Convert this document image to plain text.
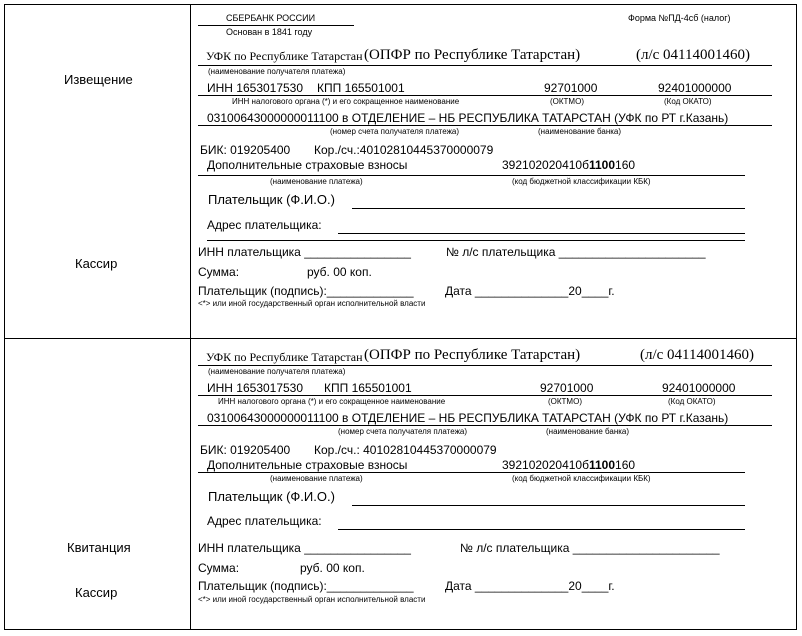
Извещение
Кассир
СБЕРБАНК РОССИИ
Основан в 1841 году
Форма №ПД-4сб (налог)
УФК по Республике Татарстан (ОПФР по Республике Татарстан)	(л/с 04114001460)
(наименование получателя платежа)
ИНН 1653017530 КПП 165501001	92701000	92401000000
ИНН налогового органа (*) и его сокращенное наименование	(ОКТМО)	(Код ОКАТО)
03100643000000011100 в ОТДЕЛЕНИЕ – НБ РЕСПУБЛИКА ТАТАРСТАН (УФК по РТ г.Казань)
(номер счета получателя платежа)	(наименование банка)
БИК: 019205400 Кор./сч.:40102810445370000079
Дополнительные страховые взносы	392102020410б1100160
(наименование платежа)	(код бюджетной классификации КБК)
Плательщик (Ф.И.О.)
Адрес плательщика:
ИНН плательщика ________________	№ л/с плательщика ______________________
Сумма:	руб. 00 коп.
Плательщик (подпись):_____________	Дата ______________20____г.
<*> или иной государственный орган исполнительной власти
Квитанция
Кассир
УФК по Республике Татарстан (ОПФР по Республике Татарстан)	(л/с 04114001460)
(наименование получателя платежа)
ИНН 1653017530 КПП 165501001	92701000	92401000000
ИНН налогового органа (*) и его сокращенное наименование	(ОКТМО)	(Код ОКАТО)
03100643000000011100 в ОТДЕЛЕНИЕ – НБ РЕСПУБЛИКА ТАТАРСТАН (УФК по РТ г.Казань)
(номер счета получателя платежа)	(наименование банка)
БИК: 019205400 Кор./сч.: 40102810445370000079
Дополнительные страховые взносы	392102020410б1100160
(наименование платежа)	(код бюджетной классификации КБК)
Плательщик (Ф.И.О.)
Адрес плательщика:
ИНН плательщика ________________	№ л/с плательщика ______________________
Сумма:	руб. 00 коп.
Плательщик (подпись):_____________	Дата ______________20____г.
<*> или иной государственный орган исполнительной власти
